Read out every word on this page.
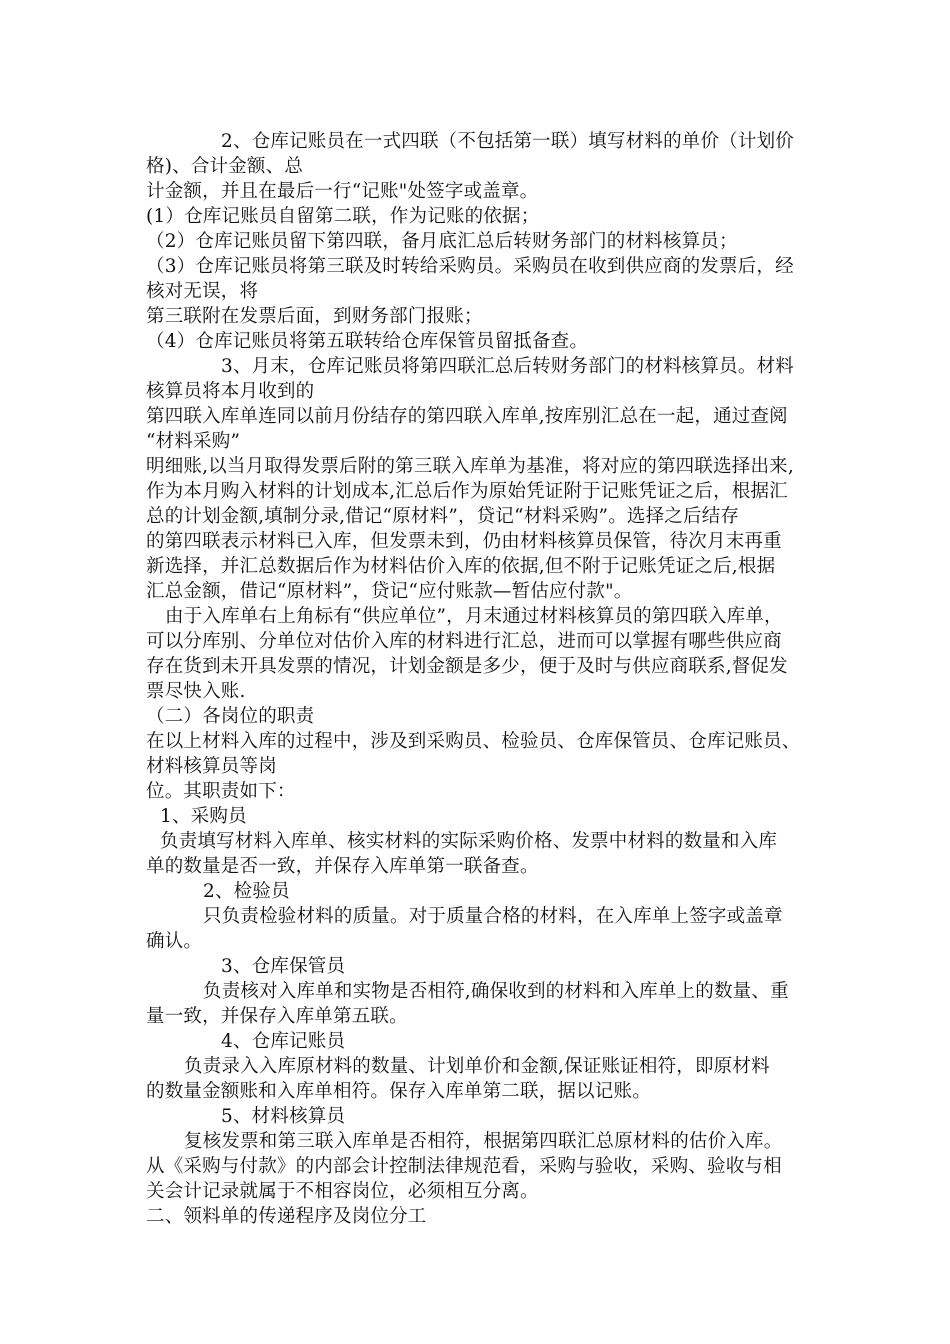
2、仓库记账员在一式四联（不包括第一联）填写材料的单价（计划价
格)、合计金额、总
计金额，并且在最后一行“记账"处签字或盖章。
(1）仓库记账员自留第二联，作为记账的依据；
（2）仓库记账员留下第四联，备月底汇总后转财务部门的材料核算员；
（3）仓库记账员将第三联及时转给采购员。采购员在收到供应商的发票后，经
核对无误，将
第三联附在发票后面，到财务部门报账；
（4）仓库记账员将第五联转给仓库保管员留抵备查。
3、月末，仓库记账员将第四联汇总后转财务部门的材料核算员。材料
核算员将本月收到的
第四联入库单连同以前月份结存的第四联入库单,按库别汇总在一起，通过查阅
“材料采购”
明细账,以当月取得发票后附的第三联入库单为基准，将对应的第四联选择出来,
作为本月购入材料的计划成本,汇总后作为原始凭证附于记账凭证之后，根据汇
总的计划金额,填制分录,借记“原材料”，贷记“材料采购”。选择之后结存
的第四联表示材料已入库，但发票未到，仍由材料核算员保管，待次月末再重
新选择，并汇总数据后作为材料估价入库的依据,但不附于记账凭证之后,根据
汇总金额，借记“原材料”，贷记“应付账款—暂估应付款"。
由于入库单右上角标有“供应单位”，月末通过材料核算员的第四联入库单，
可以分库别、分单位对估价入库的材料进行汇总，进而可以掌握有哪些供应商
存在货到未开具发票的情况，计划金额是多少，便于及时与供应商联系,督促发
票尽快入账.
（二）各岗位的职责
在以上材料入库的过程中，涉及到采购员、检验员、仓库保管员、仓库记账员、
材料核算员等岗
位。其职责如下：
1、采购员
负责填写材料入库单、核实材料的实际采购价格、发票中材料的数量和入库
单的数量是否一致，并保存入库单第一联备查。
2、检验员
只负责检验材料的质量。对于质量合格的材料，在入库单上签字或盖章
确认。
3、仓库保管员
负责核对入库单和实物是否相符,确保收到的材料和入库单上的数量、重
量一致，并保存入库单第五联。
4、仓库记账员
负责录入入库原材料的数量、计划单价和金额,保证账证相符，即原材料
的数量金额账和入库单相符。保存入库单第二联，据以记账。
5、材料核算员
复核发票和第三联入库单是否相符，根据第四联汇总原材料的估价入库。
从《采购与付款》的内部会计控制法律规范看，采购与验收，采购、验收与相
关会计记录就属于不相容岗位，必须相互分离。
二、领料单的传递程序及岗位分工
